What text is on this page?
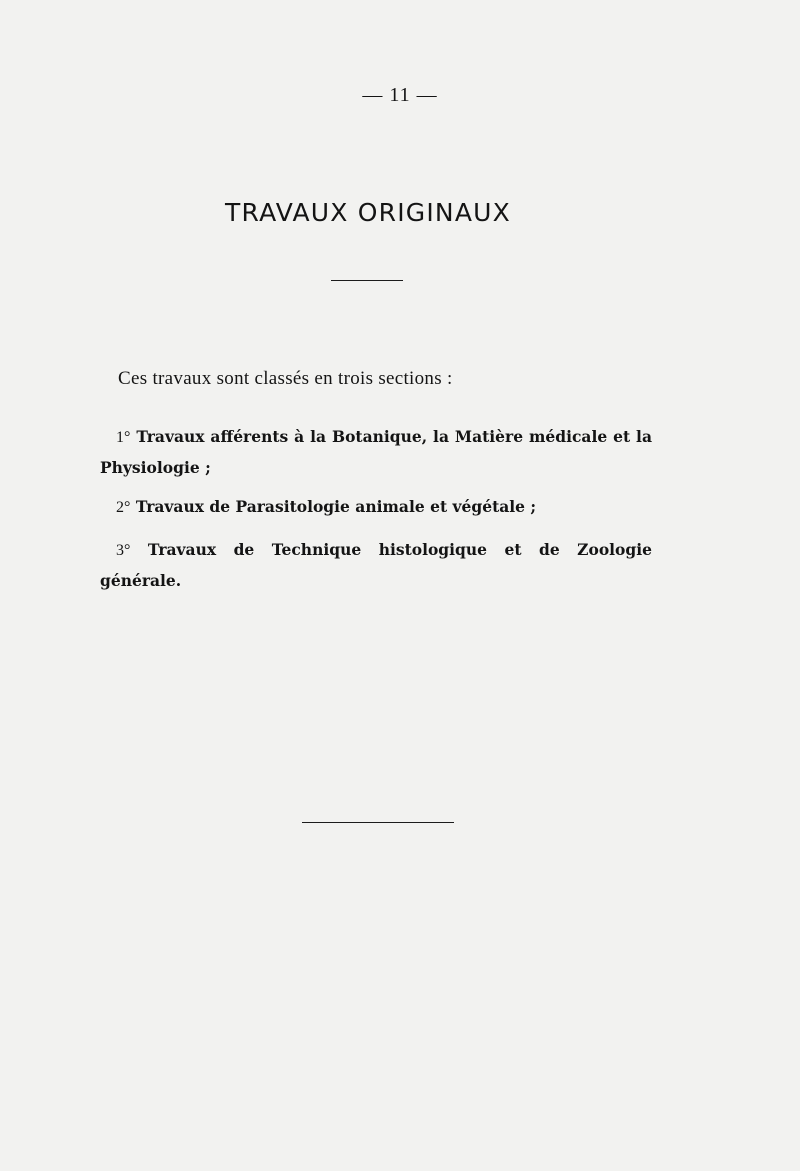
— 11 —
TRAVAUX ORIGINAUX
Ces travaux sont classés en trois sections :
1° Travaux afférents à la Botanique, la Matière médicale et la Physiologie ;
2° Travaux de Parasitologie animale et végétale ;
3° Travaux de Technique histologique et de Zoologie générale.
